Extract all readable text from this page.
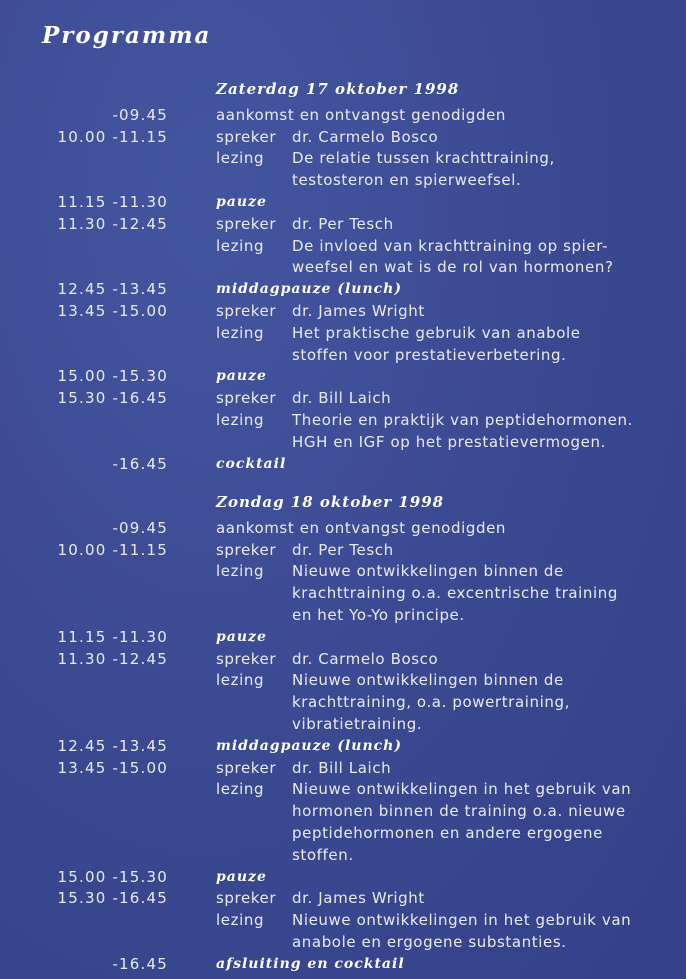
Programma
Zaterdag 17 oktober 1998
-09.45	aankomst en ontvangst genodigden
10.00 -11.15	spreker dr. Carmelo Bosco
lezing De relatie tussen krachttraining,
testosteron en spierweefsel.
11.15 -11.30	pauze
11.30 -12.45	spreker dr. Per Tesch
lezing De invloed van krachttraining op spier-
weefsel en wat is de rol van hormonen?
12.45 -13.45	middagpauze (lunch)
13.45 -15.00	spreker dr. James Wright
lezing Het praktische gebruik van anabole
stoffen voor prestatieverbetering.
15.00 -15.30	pauze
15.30 -16.45	spreker dr. Bill Laich
lezing Theorie en praktijk van peptidehormonen.
HGH en IGF op het prestatievermogen.
-16.45	cocktail
Zondag 18 oktober 1998
-09.45	aankomst en ontvangst genodigden
10.00 -11.15	spreker dr. Per Tesch
lezing Nieuwe ontwikkelingen binnen de
krachttraining o.a. excentrische training
en het Yo-Yo principe.
11.15 -11.30	pauze
11.30 -12.45	spreker dr. Carmelo Bosco
lezing Nieuwe ontwikkelingen binnen de
krachttraining, o.a. powertraining,
vibratietraining.
12.45 -13.45	middagpauze (lunch)
13.45 -15.00	spreker dr. Bill Laich
lezing Nieuwe ontwikkelingen in het gebruik van
hormonen binnen de training o.a. nieuwe
peptidehormonen en andere ergogene
stoffen.
15.00 -15.30	pauze
15.30 -16.45	spreker dr. James Wright
lezing Nieuwe ontwikkelingen in het gebruik van
anabole en ergogene substanties.
-16.45	afsluiting en cocktail
